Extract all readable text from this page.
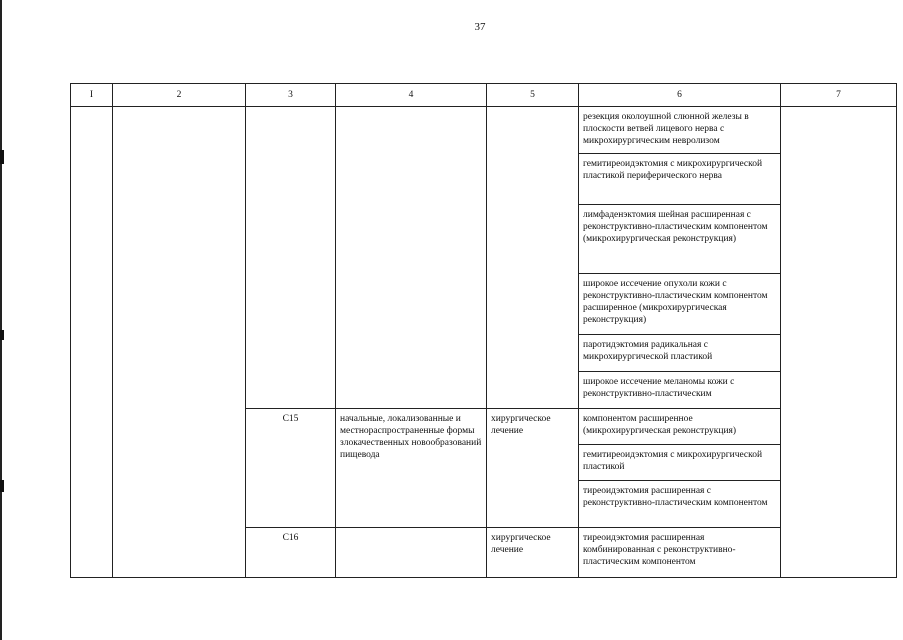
37
I	2	3	4	5	6	7

					резекция околоушной слюнной железы в плоскости ветвей лицевого нерва с микрохирургическим невролизом	

					гемитиреоидэктомия с микрохирургической пластикой периферического нерва	

					лимфаденэктомия шейная расширенная с реконструктивно-пластическим компонентом (микрохирургическая реконструкция)	

					широкое иссечение опухоли кожи с реконструктивно-пластическим компонентом расширенное (микрохирургическая реконструкция)	

					паротидэктомия радикальная с микрохирургической пластикой	

					широкое иссечение меланомы кожи с реконструктивно-пластическим	

		С15	начальные, локализованные и местнораспространенные формы злокачественных новообразований пищевода	хирургическое лечение	компонентом расширенное (микрохирургическая реконструкция)	

					гемитиреоидэктомия с микрохирургической пластикой	

					тиреоидэктомия расширенная с реконструктивно-пластическим компонентом	

		С16		хирургическое лечение	тиреоидэктомия расширенная комбинированная с реконструктивно-пластическим компонентом	
